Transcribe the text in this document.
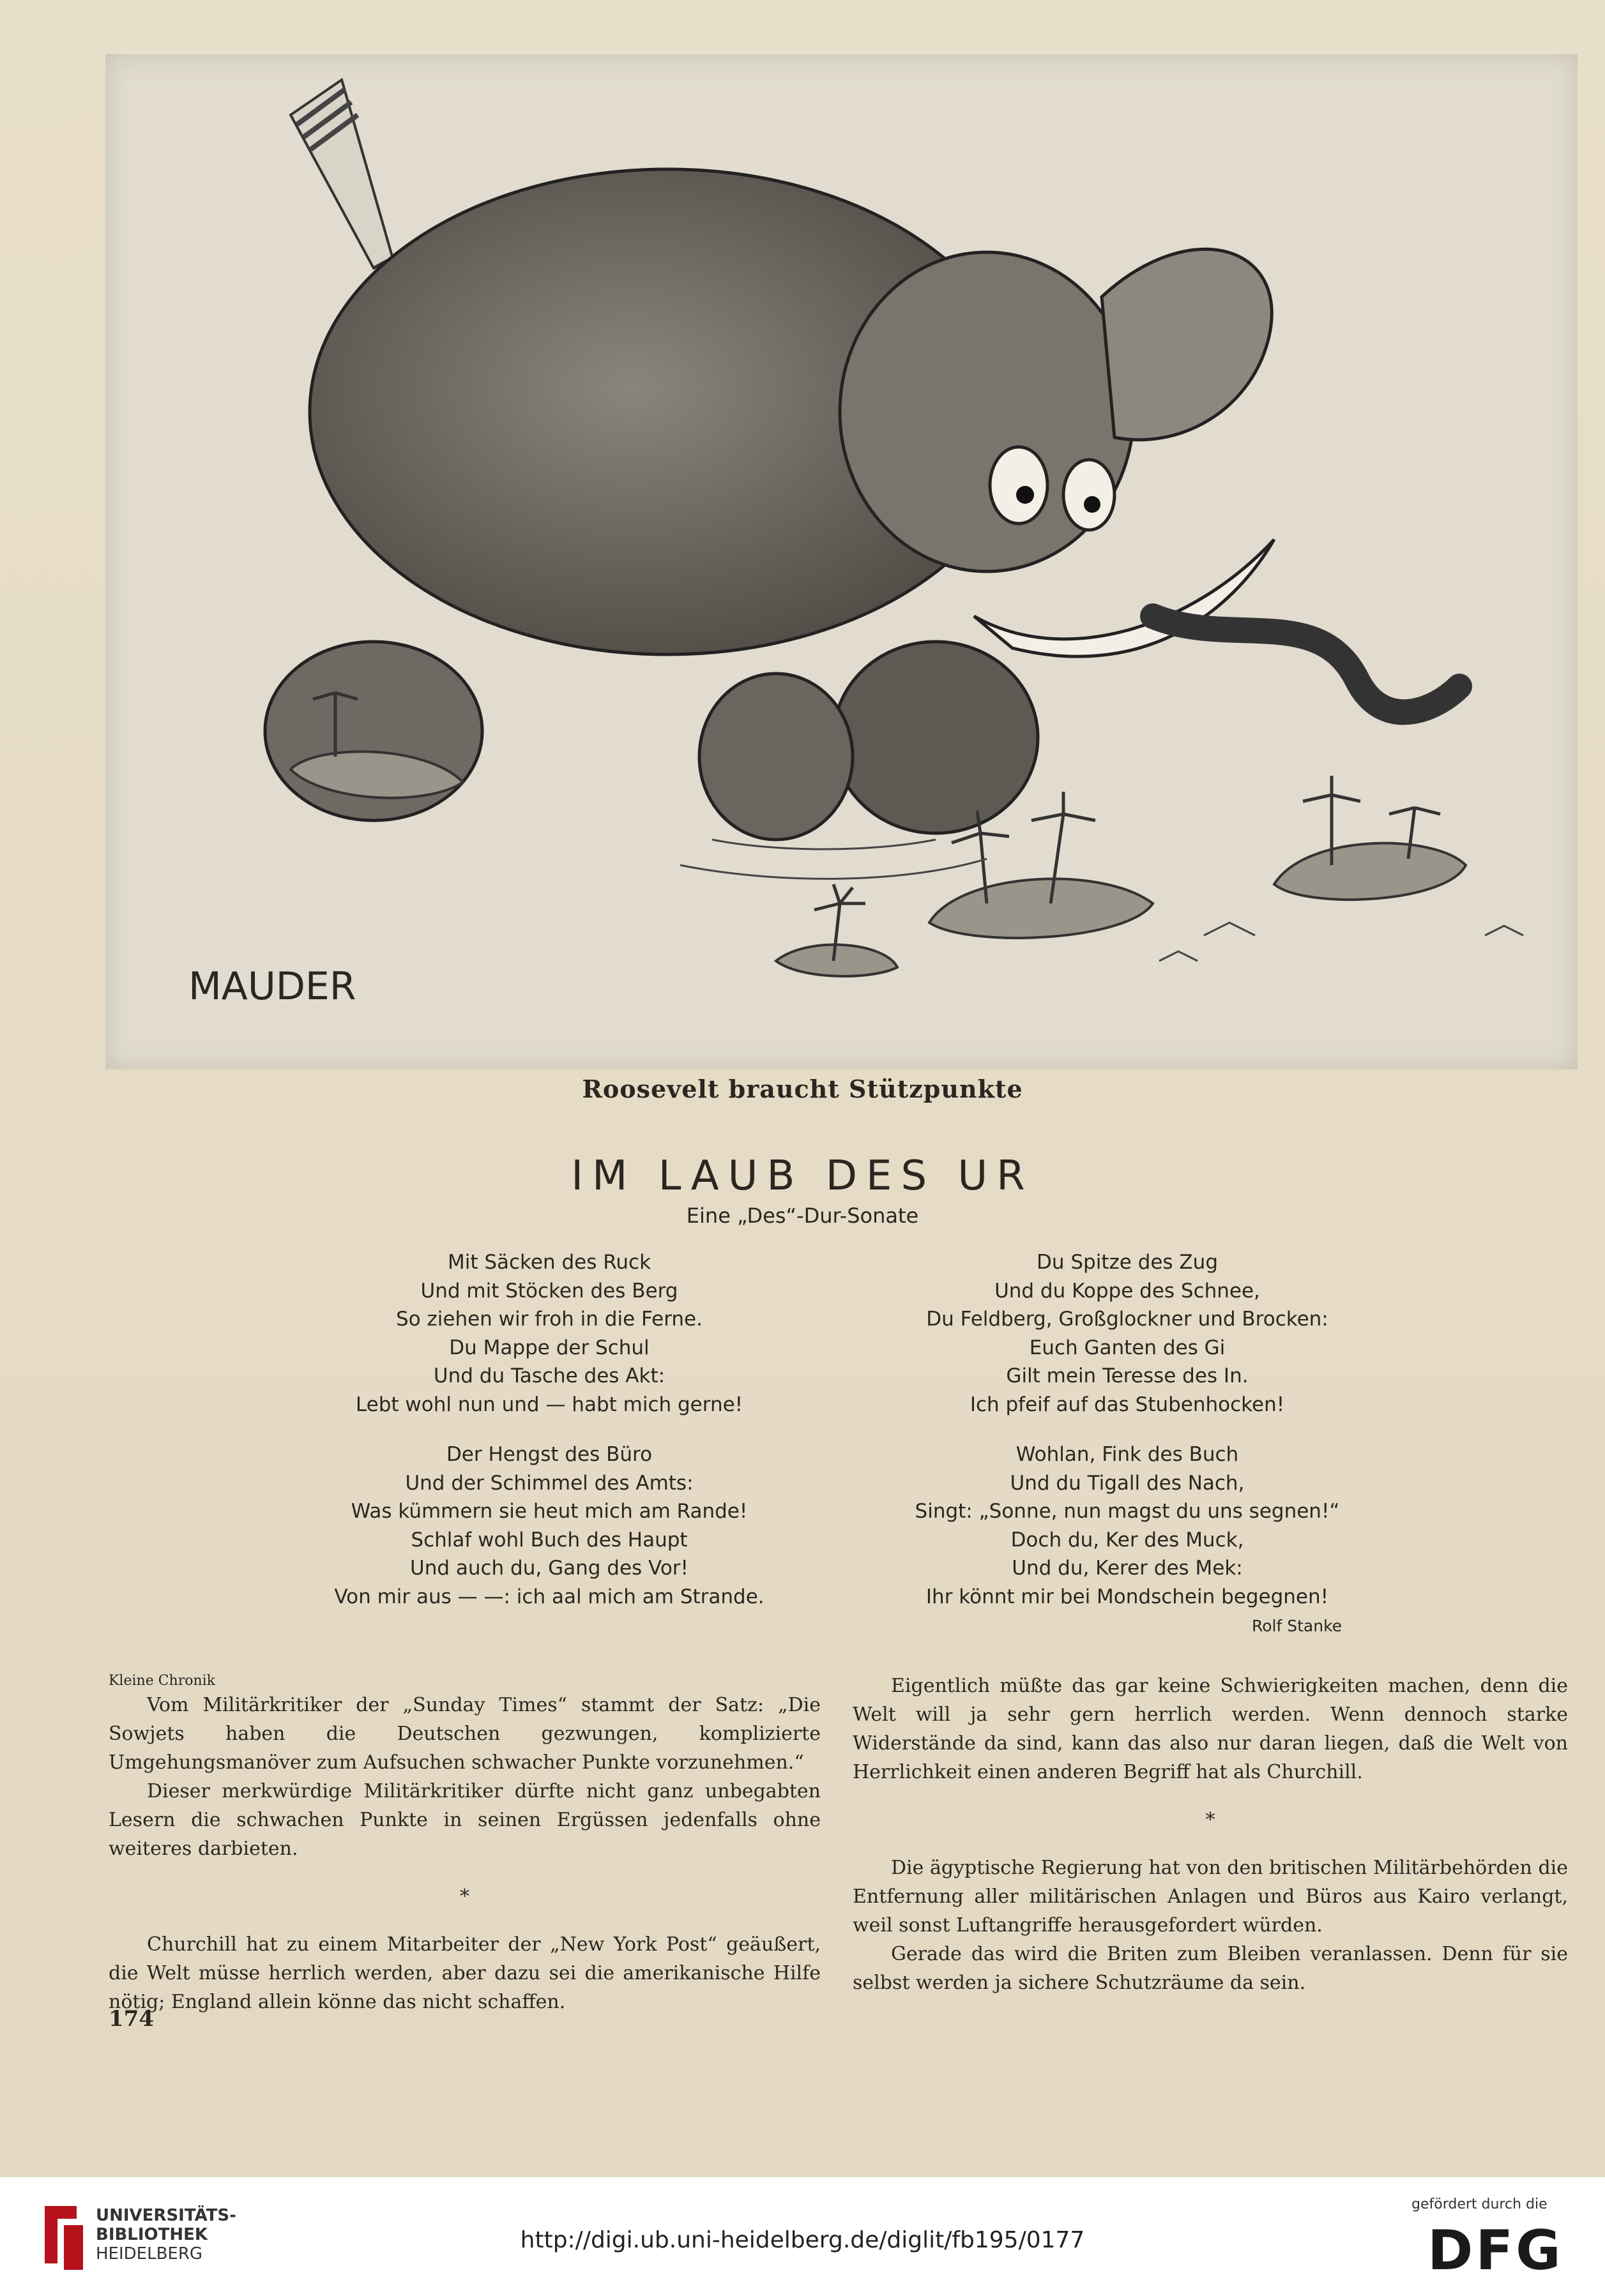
MAUDER
Roosevelt braucht Stützpunkte
IM LAUB DES UR
Eine „Des“-Dur-Sonate
Mit Säcken des Ruck
Und mit Stöcken des Berg
So ziehen wir froh in die Ferne.
Du Mappe der Schul
Und du Tasche des Akt:
Lebt wohl nun und — habt mich gerne!
Der Hengst des Büro
Und der Schimmel des Amts:
Was kümmern sie heut mich am Rande!
Schlaf wohl Buch des Haupt
Und auch du, Gang des Vor!
Von mir aus — —: ich aal mich am Strande.
Du Spitze des Zug
Und du Koppe des Schnee,
Du Feldberg, Großglockner und Brocken:
Euch Ganten des Gi
Gilt mein Teresse des In.
Ich pfeif auf das Stubenhocken!
Wohlan, Fink des Buch
Und du Tigall des Nach,
Singt: „Sonne, nun magst du uns segnen!“
Doch du, Ker des Muck,
Und du, Kerer des Mek:
Ihr könnt mir bei Mondschein begegnen!
Rolf Stanke

Kleine Chronik

Vom Militärkritiker der „Sunday Times“ stammt der Satz: „Die Sowjets haben die Deutschen gezwungen, komplizierte Umgehungsmanöver zum Aufsuchen schwacher Punkte vorzunehmen.“

Dieser merkwürdige Militärkritiker dürfte nicht ganz unbegabten Lesern die schwachen Punkte in seinen Ergüssen jedenfalls ohne weiteres darbieten.

*

Churchill hat zu einem Mitarbeiter der „New York Post“ geäußert, die Welt müsse herrlich werden, aber dazu sei die amerikanische Hilfe nötig; England allein könne das nicht schaffen.

Eigentlich müßte das gar keine Schwierigkeiten machen, denn die Welt will ja sehr gern herrlich werden. Wenn dennoch starke Widerstände da sind, kann das also nur daran liegen, daß die Welt von Herrlichkeit einen anderen Begriff hat als Churchill.

*

Die ägyptische Regierung hat von den britischen Militärbehörden die Entfernung aller militärischen Anlagen und Büros aus Kairo verlangt, weil sonst Luftangriffe herausgefordert würden.

Gerade das wird die Briten zum Bleiben veranlassen. Denn für sie selbst werden ja sichere Schutzräume da sein.

174
UNIVERSITÄTS-
BIBLIOTHEK
HEIDELBERG
http://digi.ub.uni-heidelberg.de/diglit/fb195/0177
gefördert durch die
DFG
